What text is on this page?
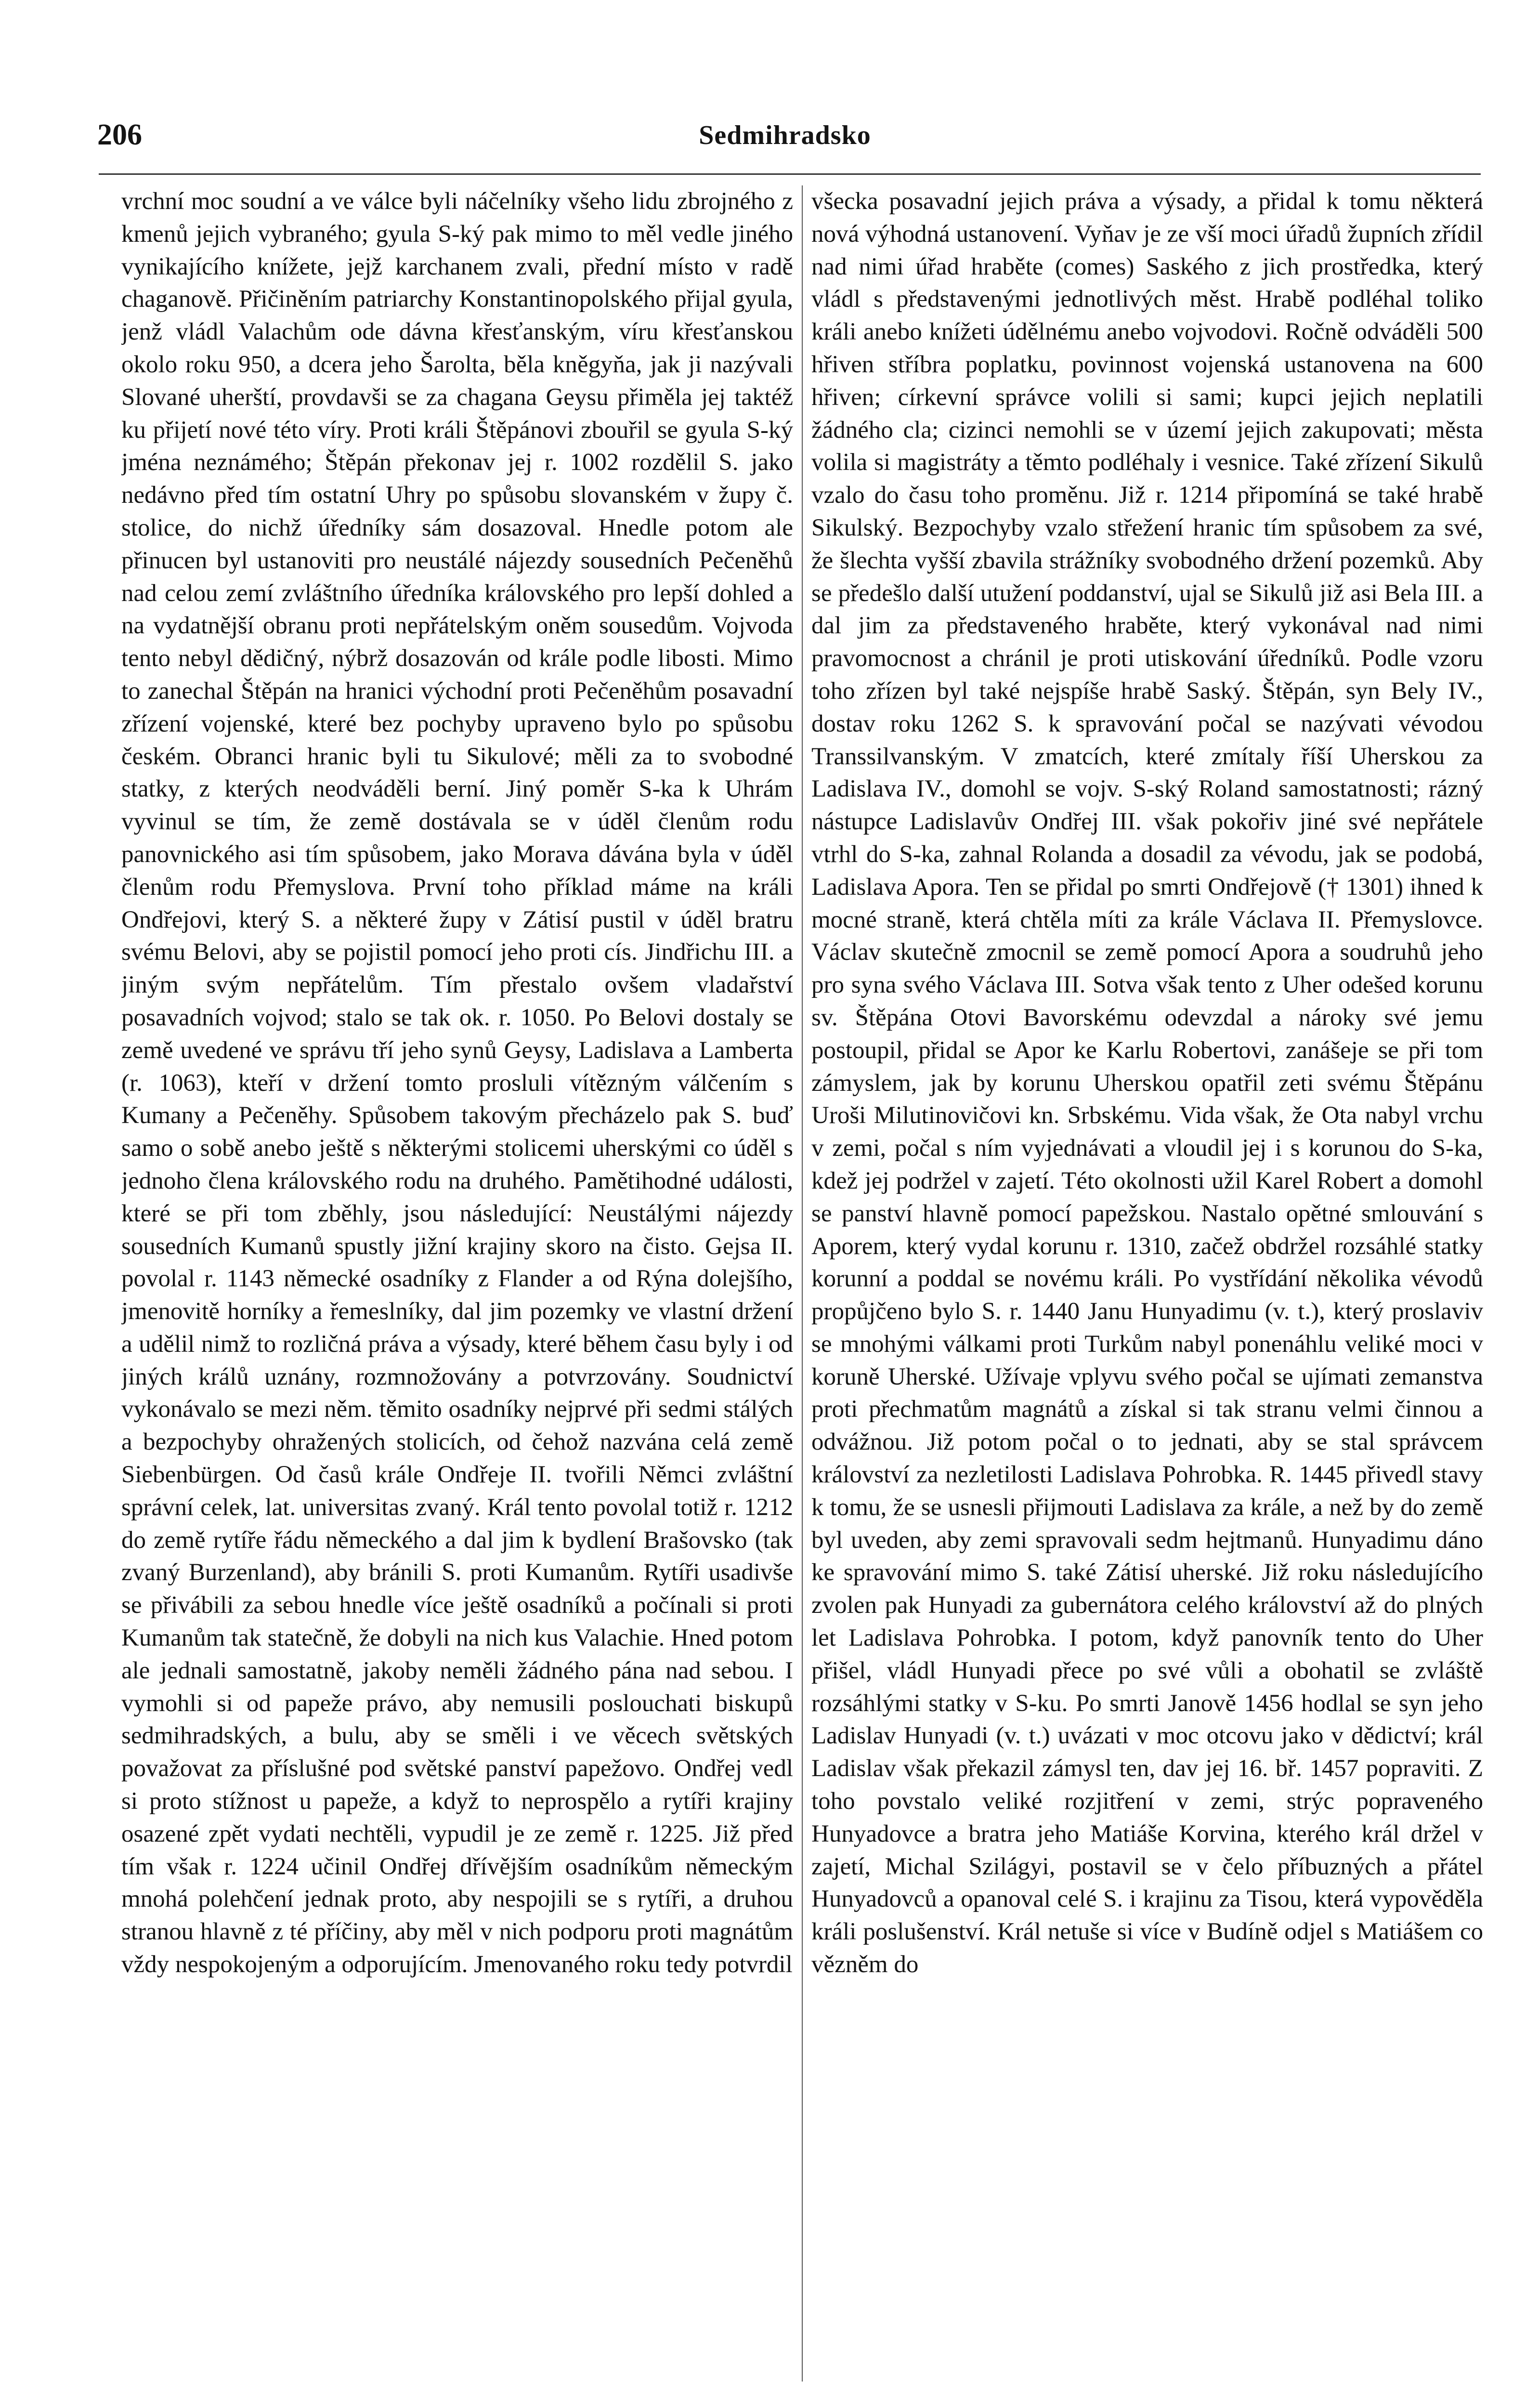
206	Sedmihradsko

vrchní moc soudní a ve válce byli náčelníky všeho lidu zbrojného z kmenů jejich vybraného; gyula S-ký pak mimo to měl vedle jiného vynikajícího knížete, jejž karchanem zvali, přední místo v radě chaganově. Přičiněním patriarchy Konstantinopolského přijal gyula, jenž vládl Valachům ode dávna křesťanským, víru křesťanskou okolo roku 950, a dcera jeho Šarolta, běla kněgyňa, jak ji nazývali Slované uherští, provdavši se za chagana Geysu přiměla jej taktéž ku přijetí nové této víry. Proti králi Štěpánovi zbouřil se gyula S-ký jména neznámého; Štěpán překonav jej r. 1002 rozdělil S. jako nedávno před tím ostatní Uhry po spůsobu slovanském v župy č. stolice, do nichž úředníky sám dosazoval. Hnedle potom ale přinucen byl ustanoviti pro neustálé nájezdy sousedních Pečeněhů nad celou zemí zvláštního úředníka královského pro lepší dohled a na vydatnější obranu proti nepřátelským oněm sousedům. Vojvoda tento nebyl dědičný, nýbrž dosazován od krále podle libosti. Mimo to zanechal Štěpán na hranici východní proti Pečeněhům posavadní zřízení vojenské, které bez pochyby upraveno bylo po spůsobu českém. Obranci hranic byli tu Sikulové; měli za to svobodné statky, z kterých neodváděli berní. Jiný poměr S-ka k Uhrám vyvinul se tím, že země dostávala se v úděl členům rodu panovnického asi tím spůsobem, jako Morava dávána byla v úděl členům rodu Přemyslova. První toho příklad máme na králi Ondřejovi, který S. a některé župy v Zátisí pustil v úděl bratru svému Belovi, aby se pojistil pomocí jeho proti cís. Jindřichu III. a jiným svým nepřátelům. Tím přestalo ovšem vladařství posavadních vojvod; stalo se tak ok. r. 1050. Po Belovi dostaly se země uvedené ve správu tří jeho synů Geysy, Ladislava a Lamberta (r. 1063), kteří v držení tomto prosluli vítězným válčením s Kumany a Pečeněhy. Spůsobem takovým přecházelo pak S. buď samo o sobě anebo ještě s některými stolicemi uherskými co úděl s jednoho člena královského rodu na druhého. Pamětihodné události, které se při tom zběhly, jsou následující: Neustálými nájezdy sousedních Kumanů spustly jižní krajiny skoro na čisto. Gejsa II. povolal r. 1143 německé osadníky z Flander a od Rýna dolejšího, jmenovitě horníky a řemeslníky, dal jim pozemky ve vlastní držení a udělil nimž to rozličná práva a výsady, které během času byly i od jiných králů uznány, rozmnožovány a potvrzovány. Soudnictví vykonávalo se mezi něm. těmito osadníky nejprvé při sedmi stálých a bezpochyby ohražených stolicích, od čehož nazvána celá země Siebenbürgen. Od časů krále Ondřeje II. tvořili Němci zvláštní správní celek, lat. universitas zvaný. Král tento povolal totiž r. 1212 do země rytíře řádu německého a dal jim k bydlení Brašovsko (tak zvaný Burzenland), aby bránili S. proti Kumanům. Rytíři usadivše se přivábili za sebou hnedle více ještě osadníků a počínali si proti Kumanům tak statečně, že dobyli na nich kus Valachie. Hned potom ale jednali samostatně, jakoby neměli žádného pána nad sebou. I vymohli si od papeže právo, aby nemusili poslouchati biskupů sedmihradských, a bulu, aby se směli i ve věcech světských považovat za příslušné pod světské panství papežovo. Ondřej vedl si proto stížnost u papeže, a když to neprospělo a rytíři krajiny osazené zpět vydati nechtěli, vypudil je ze země r. 1225. Již před tím však r. 1224 učinil Ondřej dřívějším osadníkům německým mnohá polehčení jednak proto, aby nespojili se s rytíři, a druhou stranou hlavně z té příčiny, aby měl v nich podporu proti magnátům vždy nespokojeným a odporujícím. Jmenovaného roku tedy potvrdil

všecka posavadní jejich práva a výsady, a přidal k tomu některá nová výhodná ustanovení. Vyňav je ze vší moci úřadů župních zřídil nad nimi úřad hraběte (comes) Saského z jich prostředka, který vládl s představenými jednotlivých měst. Hrabě podléhal toliko králi anebo knížeti údělnému anebo vojvodovi. Ročně odváděli 500 hřiven stříbra poplatku, povinnost vojenská ustanovena na 600 hřiven; církevní správce volili si sami; kupci jejich neplatili žádného cla; cizinci nemohli se v území jejich zakupovati; města volila si magistráty a těmto podléhaly i vesnice. Také zřízení Sikulů vzalo do času toho proměnu. Již r. 1214 připomíná se také hrabě Sikulský. Bezpochyby vzalo střežení hranic tím spůsobem za své, že šlechta vyšší zbavila strážníky svobodného držení pozemků. Aby se předešlo další utužení poddanství, ujal se Sikulů již asi Bela III. a dal jim za představeného hraběte, který vykonával nad nimi pravomocnost a chránil je proti utiskování úředníků. Podle vzoru toho zřízen byl také nejspíše hrabě Saský. Štěpán, syn Bely IV., dostav roku 1262 S. k spravování počal se nazývati vévodou Transsilvanským. V zmatcích, které zmítaly říší Uherskou za Ladislava IV., domohl se vojv. S-ský Roland samostatnosti; rázný nástupce Ladislavův Ondřej III. však pokořiv jiné své nepřátele vtrhl do S-ka, zahnal Rolanda a dosadil za vévodu, jak se podobá, Ladislava Apora. Ten se přidal po smrti Ondřejově († 1301) ihned k mocné straně, která chtěla míti za krále Václava II. Přemyslovce. Václav skutečně zmocnil se země pomocí Apora a soudruhů jeho pro syna svého Václava III. Sotva však tento z Uher odešed korunu sv. Štěpána Otovi Bavorskému odevzdal a nároky své jemu postoupil, přidal se Apor ke Karlu Robertovi, zanášeje se při tom zámyslem, jak by korunu Uherskou opatřil zeti svému Štěpánu Uroši Milutinovičovi kn. Srbskému. Vida však, že Ota nabyl vrchu v zemi, počal s ním vyjednávati a vloudil jej i s korunou do S-ka, kdež jej podržel v zajetí. Této okolnosti užil Karel Robert a domohl se panství hlavně pomocí papežskou. Nastalo opětné smlouvání s Aporem, který vydal korunu r. 1310, začež obdržel rozsáhlé statky korunní a poddal se novému králi. Po vystřídání několika vévodů propůjčeno bylo S. r. 1440 Janu Hunyadimu (v. t.), který proslaviv se mnohými válkami proti Turkům nabyl ponenáhlu veliké moci v koruně Uherské. Užívaje vplyvu svého počal se ujímati zemanstva proti přechmatům magnátů a získal si tak stranu velmi činnou a odvážnou. Již potom počal o to jednati, aby se stal správcem království za nezletilosti Ladislava Pohrobka. R. 1445 přivedl stavy k tomu, že se usnesli přijmouti Ladislava za krále, a než by do země byl uveden, aby zemi spravovali sedm hejtmanů. Hunyadimu dáno ke spravování mimo S. také Zátisí uherské. Již roku následujícího zvolen pak Hunyadi za gubernátora celého království až do plných let Ladislava Pohrobka. I potom, když panovník tento do Uher přišel, vládl Hunyadi přece po své vůli a obohatil se zvláště rozsáhlými statky v S-ku. Po smrti Janově 1456 hodlal se syn jeho Ladislav Hunyadi (v. t.) uvázati v moc otcovu jako v dědictví; král Ladislav však překazil zámysl ten, dav jej 16. bř. 1457 popraviti. Z toho povstalo veliké rozjitření v zemi, strýc popraveného Hunyadovce a bratra jeho Matiáše Korvina, kterého král držel v zajetí, Michal Szilágyi, postavil se v čelo příbuzných a přátel Hunyadovců a opanoval celé S. i krajinu za Tisou, která vypověděla králi poslušenství. Král netuše si více v Budíně odjel s Matiášem co vězněm do
